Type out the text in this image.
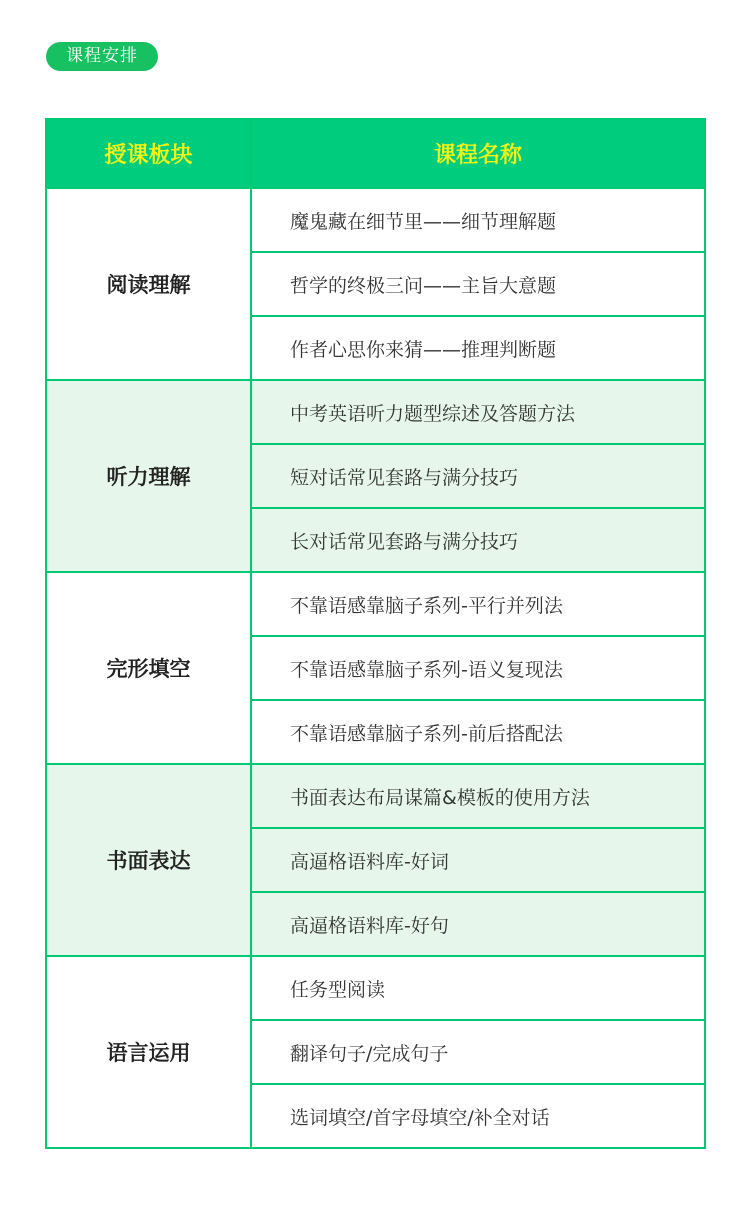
课程安排
授课板块	课程名称
阅读理解	魔鬼藏在细节里——细节理解题
	哲学的终极三问——主旨大意题
	作者心思你来猜——推理判断题
听力理解	中考英语听力题型综述及答题方法
	短对话常见套路与满分技巧
	长对话常见套路与满分技巧
完形填空	不靠语感靠脑子系列-平行并列法
	不靠语感靠脑子系列-语义复现法
	不靠语感靠脑子系列-前后搭配法
书面表达	书面表达布局谋篇&模板的使用方法
	高逼格语料库-好词
	高逼格语料库-好句
语言运用	任务型阅读
	翻译句子/完成句子
	选词填空/首字母填空/补全对话
